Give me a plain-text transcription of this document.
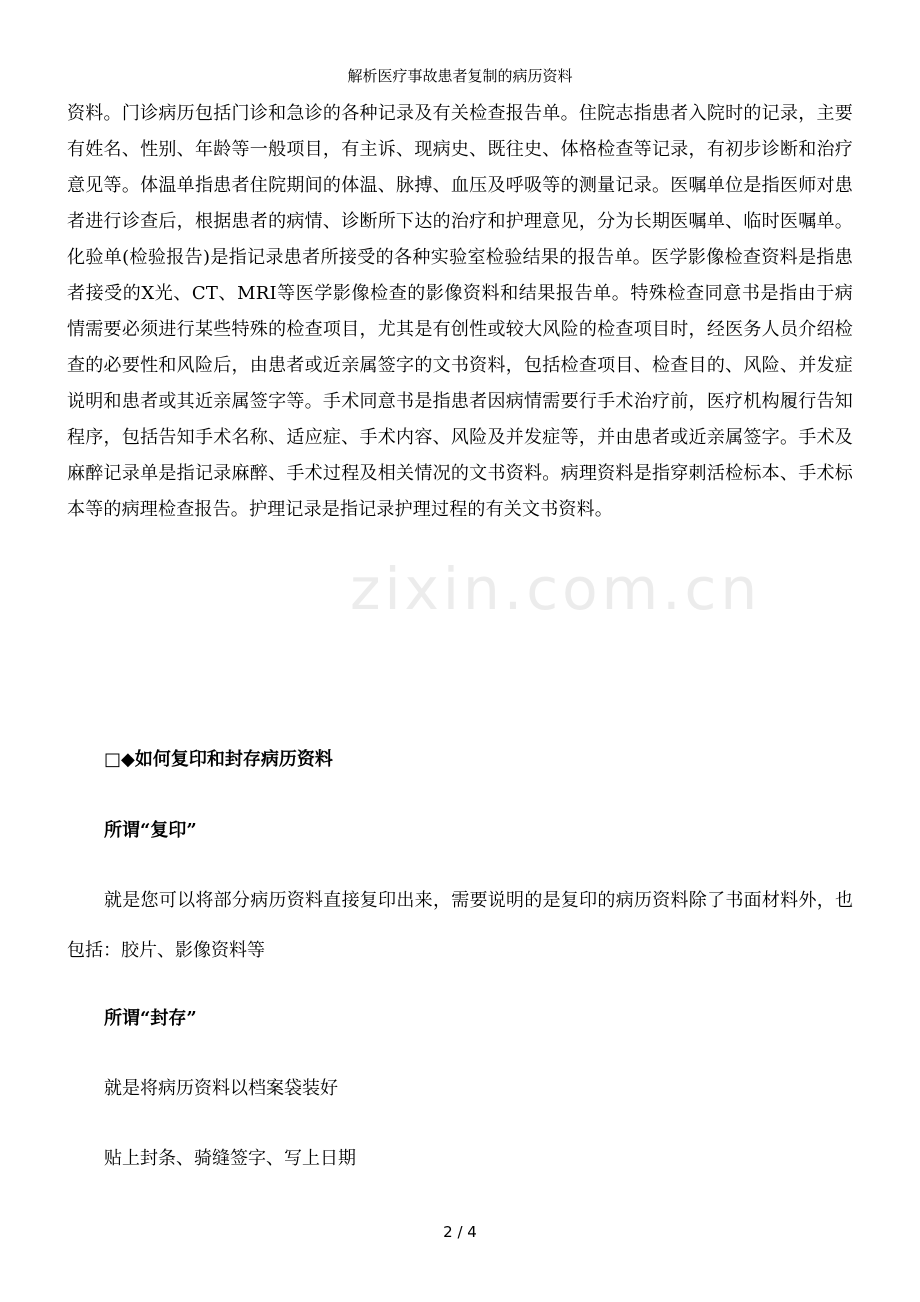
zixin.com.cn
解析医疗事故患者复制的病历资料
资料。门诊病历包括门诊和急诊的各种记录及有关检查报告单。住院志指患者入院时的记录，主要有姓名、性别、年龄等一般项目，有主诉、现病史、既往史、体格检查等记录，有初步诊断和治疗意见等。体温单指患者住院期间的体温、脉搏、血压及呼吸等的测量记录。医嘱单位是指医师对患者进行诊查后，根据患者的病情、诊断所下达的治疗和护理意见，分为长期医嘱单、临时医嘱单。化验单(检验报告)是指记录患者所接受的各种实验室检验结果的报告单。医学影像检查资料是指患者接受的X光、CT、MRI等医学影像检查的影像资料和结果报告单。特殊检查同意书是指由于病情需要必须进行某些特殊的检查项目，尤其是有创性或较大风险的检查项目时，经医务人员介绍检查的必要性和风险后，由患者或近亲属签字的文书资料，包括检查项目、检查目的、风险、并发症说明和患者或其近亲属签字等。手术同意书是指患者因病情需要行手术治疗前，医疗机构履行告知程序，包括告知手术名称、适应症、手术内容、风险及并发症等，并由患者或近亲属签字。手术及麻醉记录单是指记录麻醉、手术过程及相关情况的文书资料。病理资料是指穿刺活检标本、手术标本等的病理检查报告。护理记录是指记录护理过程的有关文书资料。
□◆如何复印和封存病历资料
所谓“复印”
就是您可以将部分病历资料直接复印出来，需要说明的是复印的病历资料除了书面材料外，也包括：胶片、影像资料等
所谓“封存”
就是将病历资料以档案袋装好
贴上封条、骑缝签字、写上日期
2 / 4
